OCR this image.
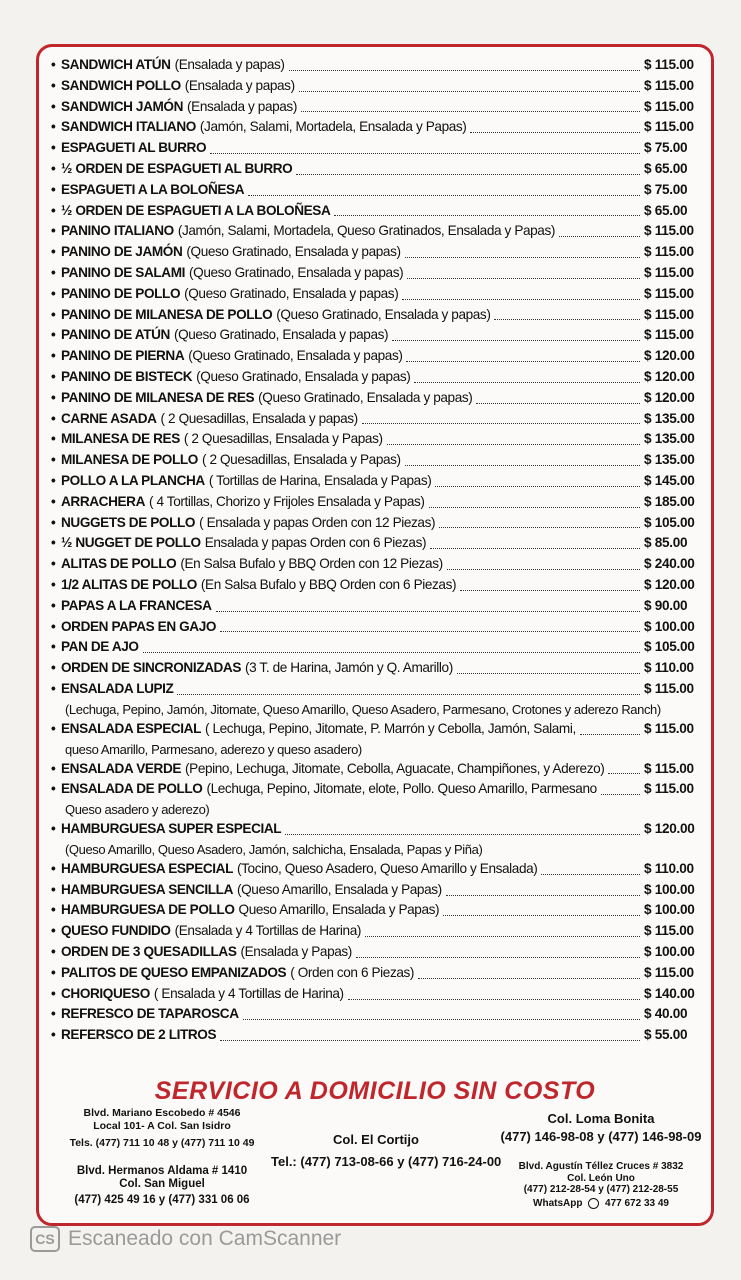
• SANDWICH ATÚN (Ensalada y papas)	$ 115.00
• SANDWICH POLLO (Ensalada y papas)	$ 115.00
• SANDWICH JAMÓN (Ensalada y papas)	$ 115.00
• SANDWICH ITALIANO (Jamón, Salami, Mortadela, Ensalada y Papas)	$ 115.00
• ESPAGUETI AL BURRO	$ 75.00
• ½ ORDEN DE ESPAGUETI AL BURRO	$ 65.00
• ESPAGUETI A LA BOLOÑESA	$ 75.00
• ½ ORDEN DE ESPAGUETI A LA BOLOÑESA	$ 65.00
• PANINO ITALIANO (Jamón, Salami, Mortadela, Queso Gratinados, Ensalada y Papas)	$ 115.00
• PANINO DE JAMÓN (Queso Gratinado, Ensalada y papas)	$ 115.00
• PANINO DE SALAMI (Queso Gratinado, Ensalada y papas)	$ 115.00
• PANINO DE POLLO (Queso Gratinado, Ensalada y papas)	$ 115.00
• PANINO DE MILANESA DE POLLO (Queso Gratinado, Ensalada y papas)	$ 115.00
• PANINO DE ATÚN (Queso Gratinado, Ensalada y papas)	$ 115.00
• PANINO DE PIERNA (Queso Gratinado, Ensalada y papas)	$ 120.00
• PANINO DE BISTECK (Queso Gratinado, Ensalada y papas)	$ 120.00
• PANINO DE MILANESA DE RES (Queso Gratinado, Ensalada y papas)	$ 120.00
• CARNE ASADA ( 2 Quesadillas, Ensalada y papas)	$ 135.00
• MILANESA DE RES ( 2 Quesadillas, Ensalada y Papas)	$ 135.00
• MILANESA DE POLLO ( 2 Quesadillas, Ensalada y Papas)	$ 135.00
• POLLO A LA PLANCHA ( Tortillas de Harina, Ensalada y Papas)	$ 145.00
• ARRACHERA ( 4 Tortillas, Chorizo y Frijoles Ensalada y Papas)	$ 185.00
• NUGGETS DE POLLO ( Ensalada y papas Orden con 12 Piezas)	$ 105.00
• ½ NUGGET DE POLLO Ensalada y papas Orden con 6 Piezas)	$ 85.00
• ALITAS DE POLLO (En Salsa Bufalo y BBQ Orden con 12 Piezas)	$ 240.00
• 1/2 ALITAS DE POLLO (En Salsa Bufalo y BBQ Orden con 6 Piezas)	$ 120.00
• PAPAS A LA FRANCESA	$ 90.00
• ORDEN PAPAS EN GAJO	$ 100.00
• PAN DE AJO	$ 105.00
• ORDEN DE SINCRONIZADAS (3 T. de Harina, Jamón y Q. Amarillo)	$ 110.00
• ENSALADA LUPIZ	$ 115.00
(Lechuga, Pepino, Jamón, Jitomate, Queso Amarillo, Queso Asadero, Parmesano, Crotones y aderezo Ranch)
• ENSALADA ESPECIAL ( Lechuga, Pepino, Jitomate, P. Marrón y Cebolla, Jamón, Salami,	$ 115.00
queso Amarillo, Parmesano, aderezo y queso asadero)
• ENSALADA VERDE (Pepino, Lechuga, Jitomate, Cebolla, Aguacate, Champiñones, y Aderezo)	$ 115.00
• ENSALADA DE POLLO (Lechuga, Pepino, Jitomate, elote, Pollo. Queso Amarillo, Parmesano	$ 115.00
Queso asadero y aderezo)
• HAMBURGUESA SUPER ESPECIAL	$ 120.00
(Queso Amarillo, Queso Asadero, Jamón, salchicha, Ensalada, Papas y Piña)
• HAMBURGUESA ESPECIAL (Tocino, Queso Asadero, Queso Amarillo y Ensalada)	$ 110.00
• HAMBURGUESA SENCILLA (Queso Amarillo, Ensalada y Papas)	$ 100.00
• HAMBURGUESA DE POLLO Queso Amarillo, Ensalada y Papas)	$ 100.00
• QUESO FUNDIDO (Ensalada y 4 Tortillas de Harina)	$ 115.00
• ORDEN DE 3 QUESADILLAS (Ensalada y Papas)	$ 100.00
• PALITOS DE QUESO EMPANIZADOS ( Orden con 6 Piezas)	$ 115.00
• CHORIQUESO ( Ensalada y 4 Tortillas de Harina)	$ 140.00
• REFRESCO DE TAPAROSCA	$ 40.00
• REFERSCO DE 2 LITROS	$ 55.00
SERVICIO A DOMICILIO SIN COSTO
Blvd. Mariano Escobedo # 4546
Local 101- A Col. San Isidro
Tels. (477) 711 10 48 y (477) 711 10 49
Blvd. Hermanos Aldama # 1410
Col. San Miguel
(477) 425 49 16 y (477) 331 06 06
Col. El Cortijo
Tel.: (477) 713-08-66 y (477) 716-24-00
Col. Loma Bonita
(477) 146-98-08 y (477) 146-98-09
Blvd. Agustín Téllez Cruces # 3832
Col. León Uno
(477) 212-28-54 y (477) 212-28-55
WhatsApp 477 672 33 49
CS Escaneado con CamScanner
